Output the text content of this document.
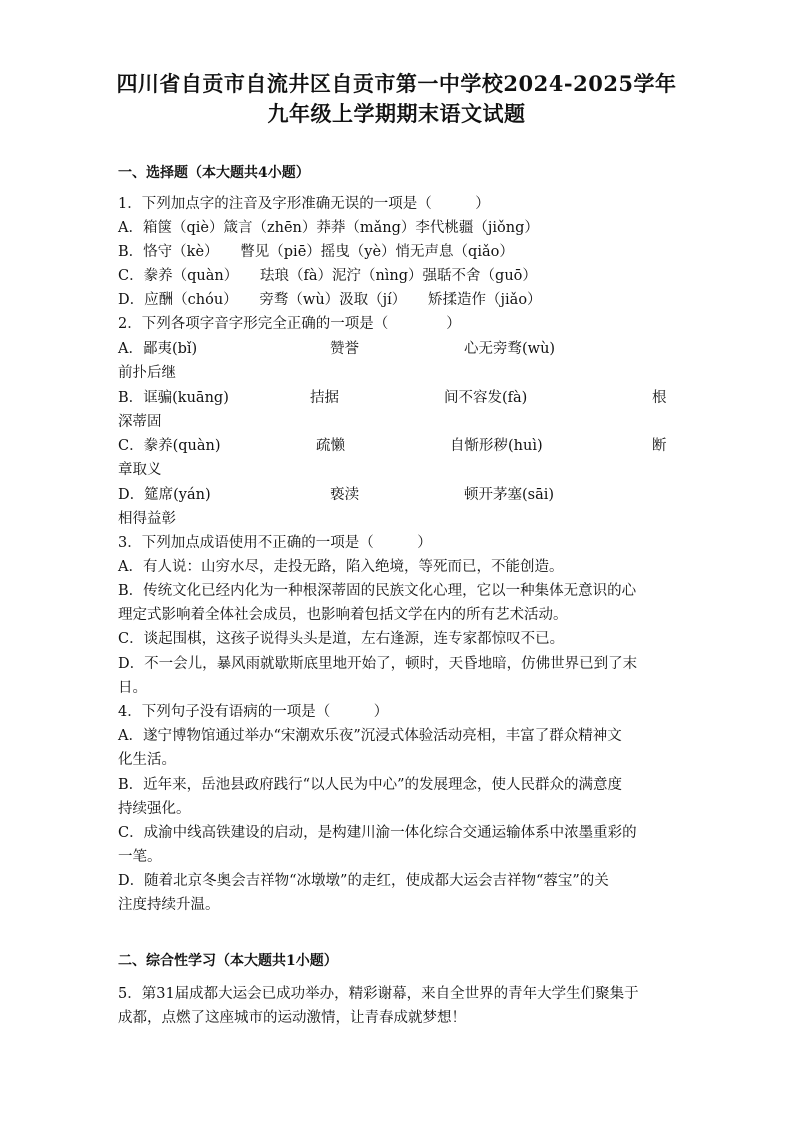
四川省自贡市自流井区自贡市第一中学校2024-2025学年
九年级上学期期末语文试题
一、选择题（本大题共4小题）
1．下列加点字的注音及字形准确无误的一项是（　　　）
A．箱箧（qiè）箴言（zhēn）莽莽（mǎng）李代桃疆（jiǒng）
B．恪守（kè）　　瞥见（piē）摇曳（yè）悄无声息（qiǎo）
C．豢养（quàn）　　珐琅（fà）泥泞（nìng）强聒不舍（guō）
D．应酬（chóu）　　旁骛（wù）汲取（jí）　　矫揉造作（jiǎo）
2．下列各项字音字形完全正确的一项是（　　　　）
A．鄙夷(bǐ)	赞誉	心无旁骛(wù)
前扑后继
B．诓骗(kuāng)	拮据	间不容发(fà)	根
深蒂固
C．豢养(quàn)	疏懒	自惭形秽(huì)	断
章取义
D．筵席(yán)	亵渎	顿开茅塞(sāi)
相得益彰
3．下列加点成语使用不正确的一项是（　　　）
A．有人说：山穷水尽，走投无路，陷入绝境，等死而已，不能创造。
B．传统文化已经内化为一种根深蒂固的民族文化心理，它以一种集体无意识的心
理定式影响着全体社会成员，也影响着包括文学在内的所有艺术活动。
C．谈起围棋，这孩子说得头头是道，左右逢源，连专家都惊叹不已。
D．不一会儿，暴风雨就歇斯底里地开始了，顿时，天昏地暗，仿佛世界已到了末
日。
4．下列句子没有语病的一项是（　　　）
A．遂宁博物馆通过举办“宋潮欢乐夜”沉浸式体验活动亮相，丰富了群众精神文
化生活。
B．近年来，岳池县政府践行“以人民为中心”的发展理念，使人民群众的满意度
持续强化。
C．成渝中线高铁建设的启动，是构建川渝一体化综合交通运输体系中浓墨重彩的
一笔。
D．随着北京冬奥会吉祥物“冰墩墩”的走红，使成都大运会吉祥物“蓉宝”的关
注度持续升温。
二、综合性学习（本大题共1小题）
5．第31届成都大运会已成功举办，精彩谢幕，来自全世界的青年大学生们聚集于
成都，点燃了这座城市的运动激情，让青春成就梦想！
